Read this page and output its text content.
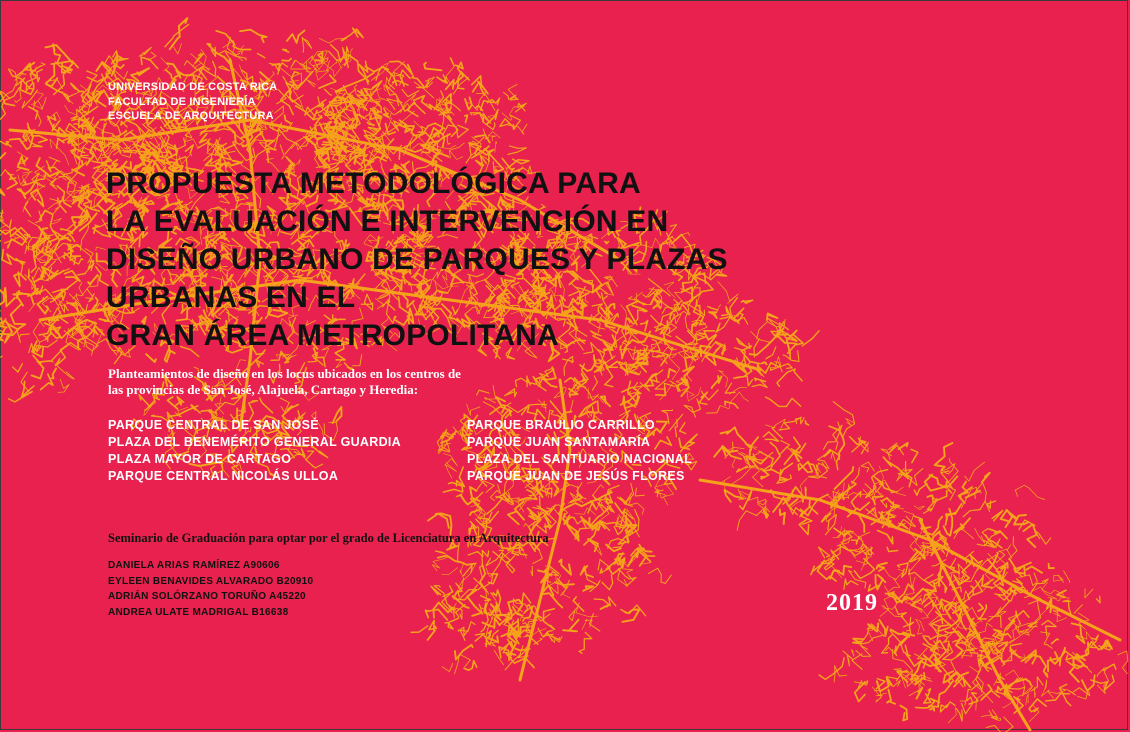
UNIVERSIDAD DE COSTA RICA
FACULTAD DE INGENIERÍA
ESCUELA DE ARQUITECTURA
PROPUESTA METODOLÓGICA PARA
LA EVALUACIÓN E INTERVENCIÓN EN
DISEÑO URBANO DE PARQUES Y PLAZAS
URBANAS EN EL
GRAN ÁREA METROPOLITANA
Planteamientos de diseño en los locus ubicados en los centros de
las provincias de San José, Alajuela, Cartago y Heredia:
PARQUE CENTRAL DE SAN JOSÉ
PLAZA DEL BENEMÉRITO GENERAL GUARDIA
PLAZA MAYOR DE CARTAGO
PARQUE CENTRAL NICOLÁS ULLOA
PARQUE BRAULIO CARRILLO
PARQUE JUAN SANTAMARÍA
PLAZA DEL SANTUARIO NACIONAL
PARQUE JUAN DE JESÚS FLORES
Seminario de Graduación para optar por el grado de Licenciatura en Arquitectura
DANIELA ARIAS RAMÍREZ A90606
EYLEEN BENAVIDES ALVARADO B20910
ADRIÁN SOLÓRZANO TORUÑO A45220
ANDREA ULATE MADRIGAL B16638	2019
